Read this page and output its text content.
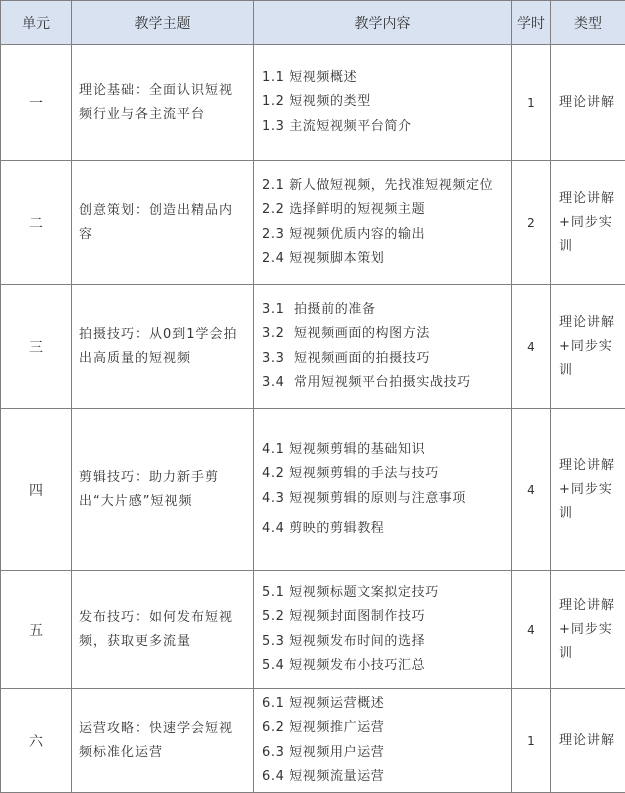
单元	教学主题	教学内容	学时	类型
一	理论基础：全面认识短视频行业与各主流平台	1.1 短视频概述
1.2 短视频的类型
1.3 主流短视频平台简介	1	理论讲解
二	创意策划：创造出精品内容	2.1 新人做短视频，先找准短视频定位
2.2 选择鲜明的短视频主题
2.3 短视频优质内容的输出
2.4 短视频脚本策划	2	理论讲解+同步实训
三	拍摄技巧：从0到1学会拍出高质量的短视频	3.1  拍摄前的准备
3.2  短视频画面的构图方法
3.3  短视频画面的拍摄技巧
3.4  常用短视频平台拍摄实战技巧	4	理论讲解+同步实训
四	剪辑技巧：助力新手剪出“大片感”短视频	4.1 短视频剪辑的基础知识
4.2 短视频剪辑的手法与技巧
4.3 短视频剪辑的原则与注意事项
4.4 剪映的剪辑教程	4	理论讲解+同步实训
五	发布技巧：如何发布短视频，获取更多流量	5.1 短视频标题文案拟定技巧
5.2 短视频封面图制作技巧
5.3 短视频发布时间的选择
5.4 短视频发布小技巧汇总	4	理论讲解+同步实训
六	运营攻略：快速学会短视频标准化运营	6.1 短视频运营概述
6.2 短视频推广运营
6.3 短视频用户运营
6.4 短视频流量运营	1	理论讲解
